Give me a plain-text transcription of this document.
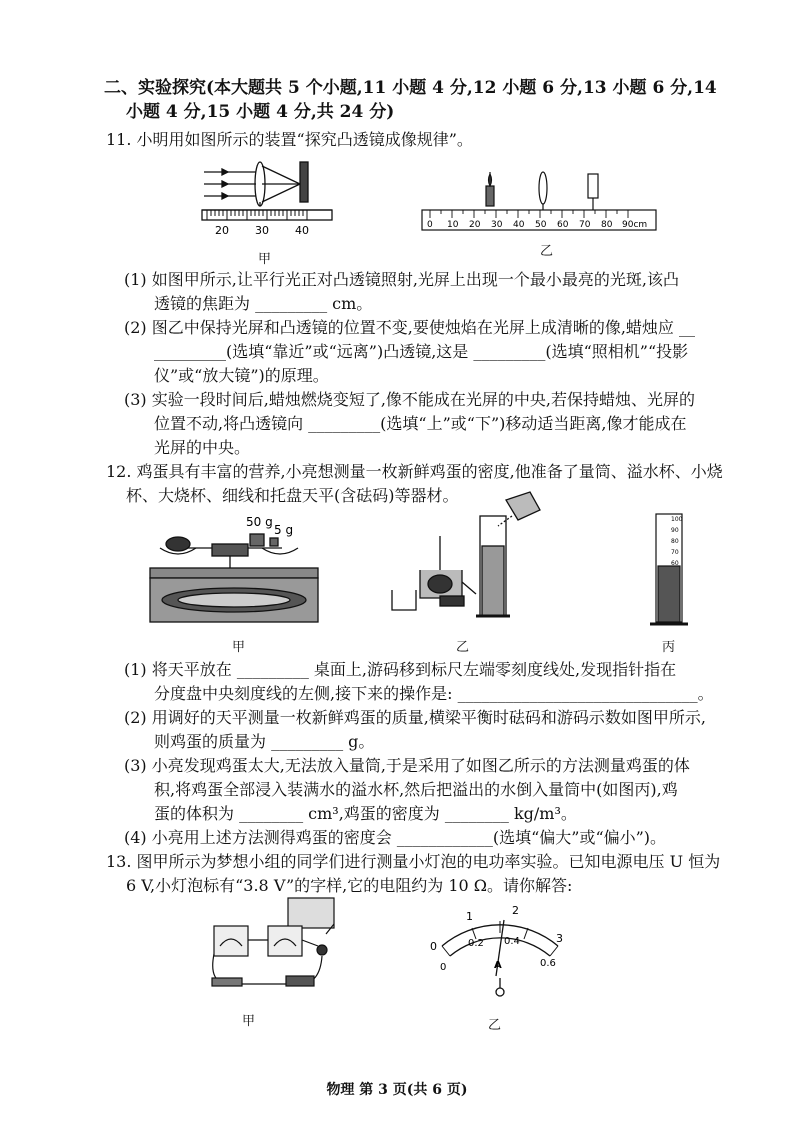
二、实验探究(本大题共 5 个小题,11 小题 4 分,12 小题 6 分,13 小题 6 分,14
小题 4 分,15 小题 4 分,共 24 分)
11. 小明用如图所示的装置“探究凸透镜成像规律”。
20 30 40
甲
0 10 20 30 40 50 60 70 80 90cm
乙
(1) 如图甲所示,让平行光正对凸透镜照射,光屏上出现一个最小最亮的光斑,该凸
透镜的焦距为 _________ cm。
(2) 图乙中保持光屏和凸透镜的位置不变,要使烛焰在光屏上成清晰的像,蜡烛应 __
_________(选填“靠近”或“远离”)凸透镜,这是 _________(选填“照相机”“投影
仪”或“放大镜”)的原理。
(3) 实验一段时间后,蜡烛燃烧变短了,像不能成在光屏的中央,若保持蜡烛、光屏的
位置不动,将凸透镜向 _________(选填“上”或“下”)移动适当距离,像才能成在
光屏的中央。
12. 鸡蛋具有丰富的营养,小亮想测量一枚新鲜鸡蛋的密度,他准备了量筒、溢水杯、小烧
杯、大烧杯、细线和托盘天平(含砝码)等器材。
50 g
5 g
甲	乙
100
90
80
70
60
丙
(1) 将天平放在 _________ 桌面上,游码移到标尺左端零刻度线处,发现指针指在
分度盘中央刻度线的左侧,接下来的操作是: ______________________________。
(2) 用调好的天平测量一枚新鲜鸡蛋的质量,横梁平衡时砝码和游码示数如图甲所示,
则鸡蛋的质量为 _________ g。
(3) 小亮发现鸡蛋太大,无法放入量筒,于是采用了如图乙所示的方法测量鸡蛋的体
积,将鸡蛋全部浸入装满水的溢水杯,然后把溢出的水倒入量筒中(如图丙),鸡
蛋的体积为 ________ cm³,鸡蛋的密度为 ________ kg/m³。
(4) 小亮用上述方法测得鸡蛋的密度会 ____________(选填“偏大”或“偏小”)。
13. 图甲所示为梦想小组的同学们进行测量小灯泡的电功率实验。已知电源电压 U 恒为
6 V,小灯泡标有“3.8 V”的字样,它的电阻约为 10 Ω。请你解答:
甲
0
1	2
3
0
0.2 0.4
0.6
A
乙
物理 第 3 页(共 6 页)
